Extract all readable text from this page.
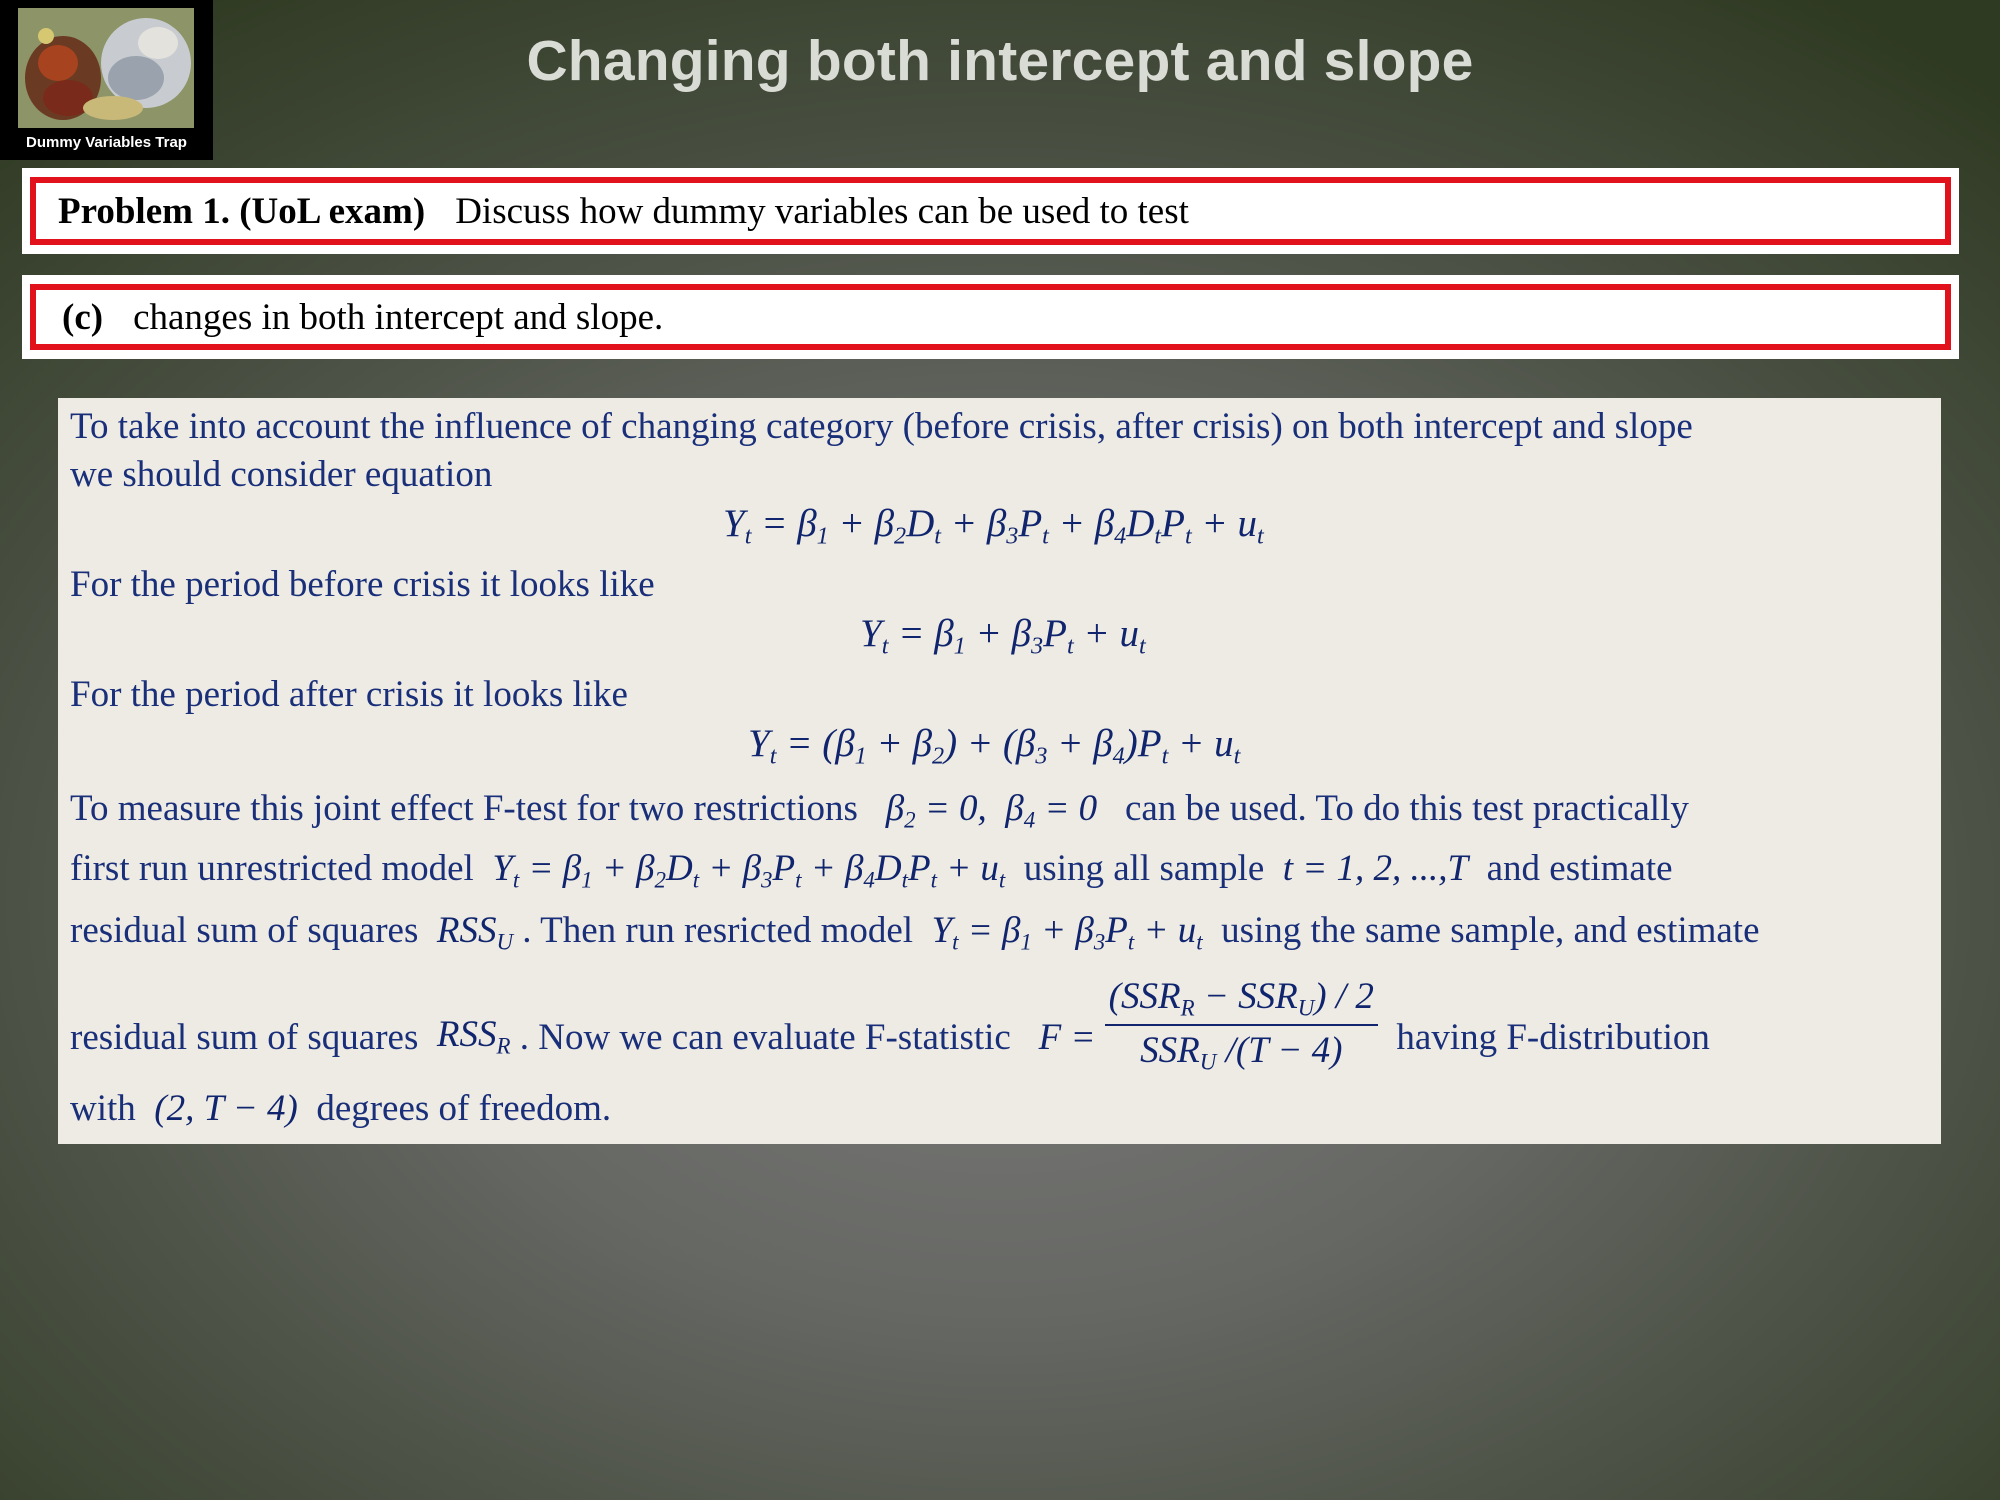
Dummy Variables Trap
Changing both intercept and slope
Problem 1. (UoL exam) Discuss how dummy variables can be used to test
(c) changes in both intercept and slope.
To take into account the influence of changing category (before crisis, after crisis) on both intercept and slope
we should consider equation
$Y_t = \beta_1 + \beta_2D_t + \beta_3P_t + \beta_4D_tP_t + u_t$
For the period before crisis it looks like
$Y_t = \beta_1 + \beta_3P_t + u_t$
For the period after crisis it looks like
$Y_t = (\beta_1 + \beta_2) + (\beta_3 + \beta_4)P_t + u_t$
To measure this joint effect F-test for two restrictions   $\beta_2 = 0$,  $\beta_4 = 0$   can be used. To do this test practically
first run unrestricted model  $Y_t = \beta_1 + \beta_2D_t + \beta_3P_t + \beta_4D_tP_t + u_t$ using all sample  t = 1, 2, ...,T  and estimate
residual sum of squares  $RSS_U$ . Then run resricted model  $Y_t = \beta_1 + \beta_3P_t + u_t$ using the same sample, and estimate
residual sum of squares  $RSS_R$ . Now we can evaluate F-statistic   $F = \frac{(SSR_R - SSR_U) / 2}{SSR_U /(T - 4)}$ having F-distribution
with  (2, T − 4)  degrees of freedom.
